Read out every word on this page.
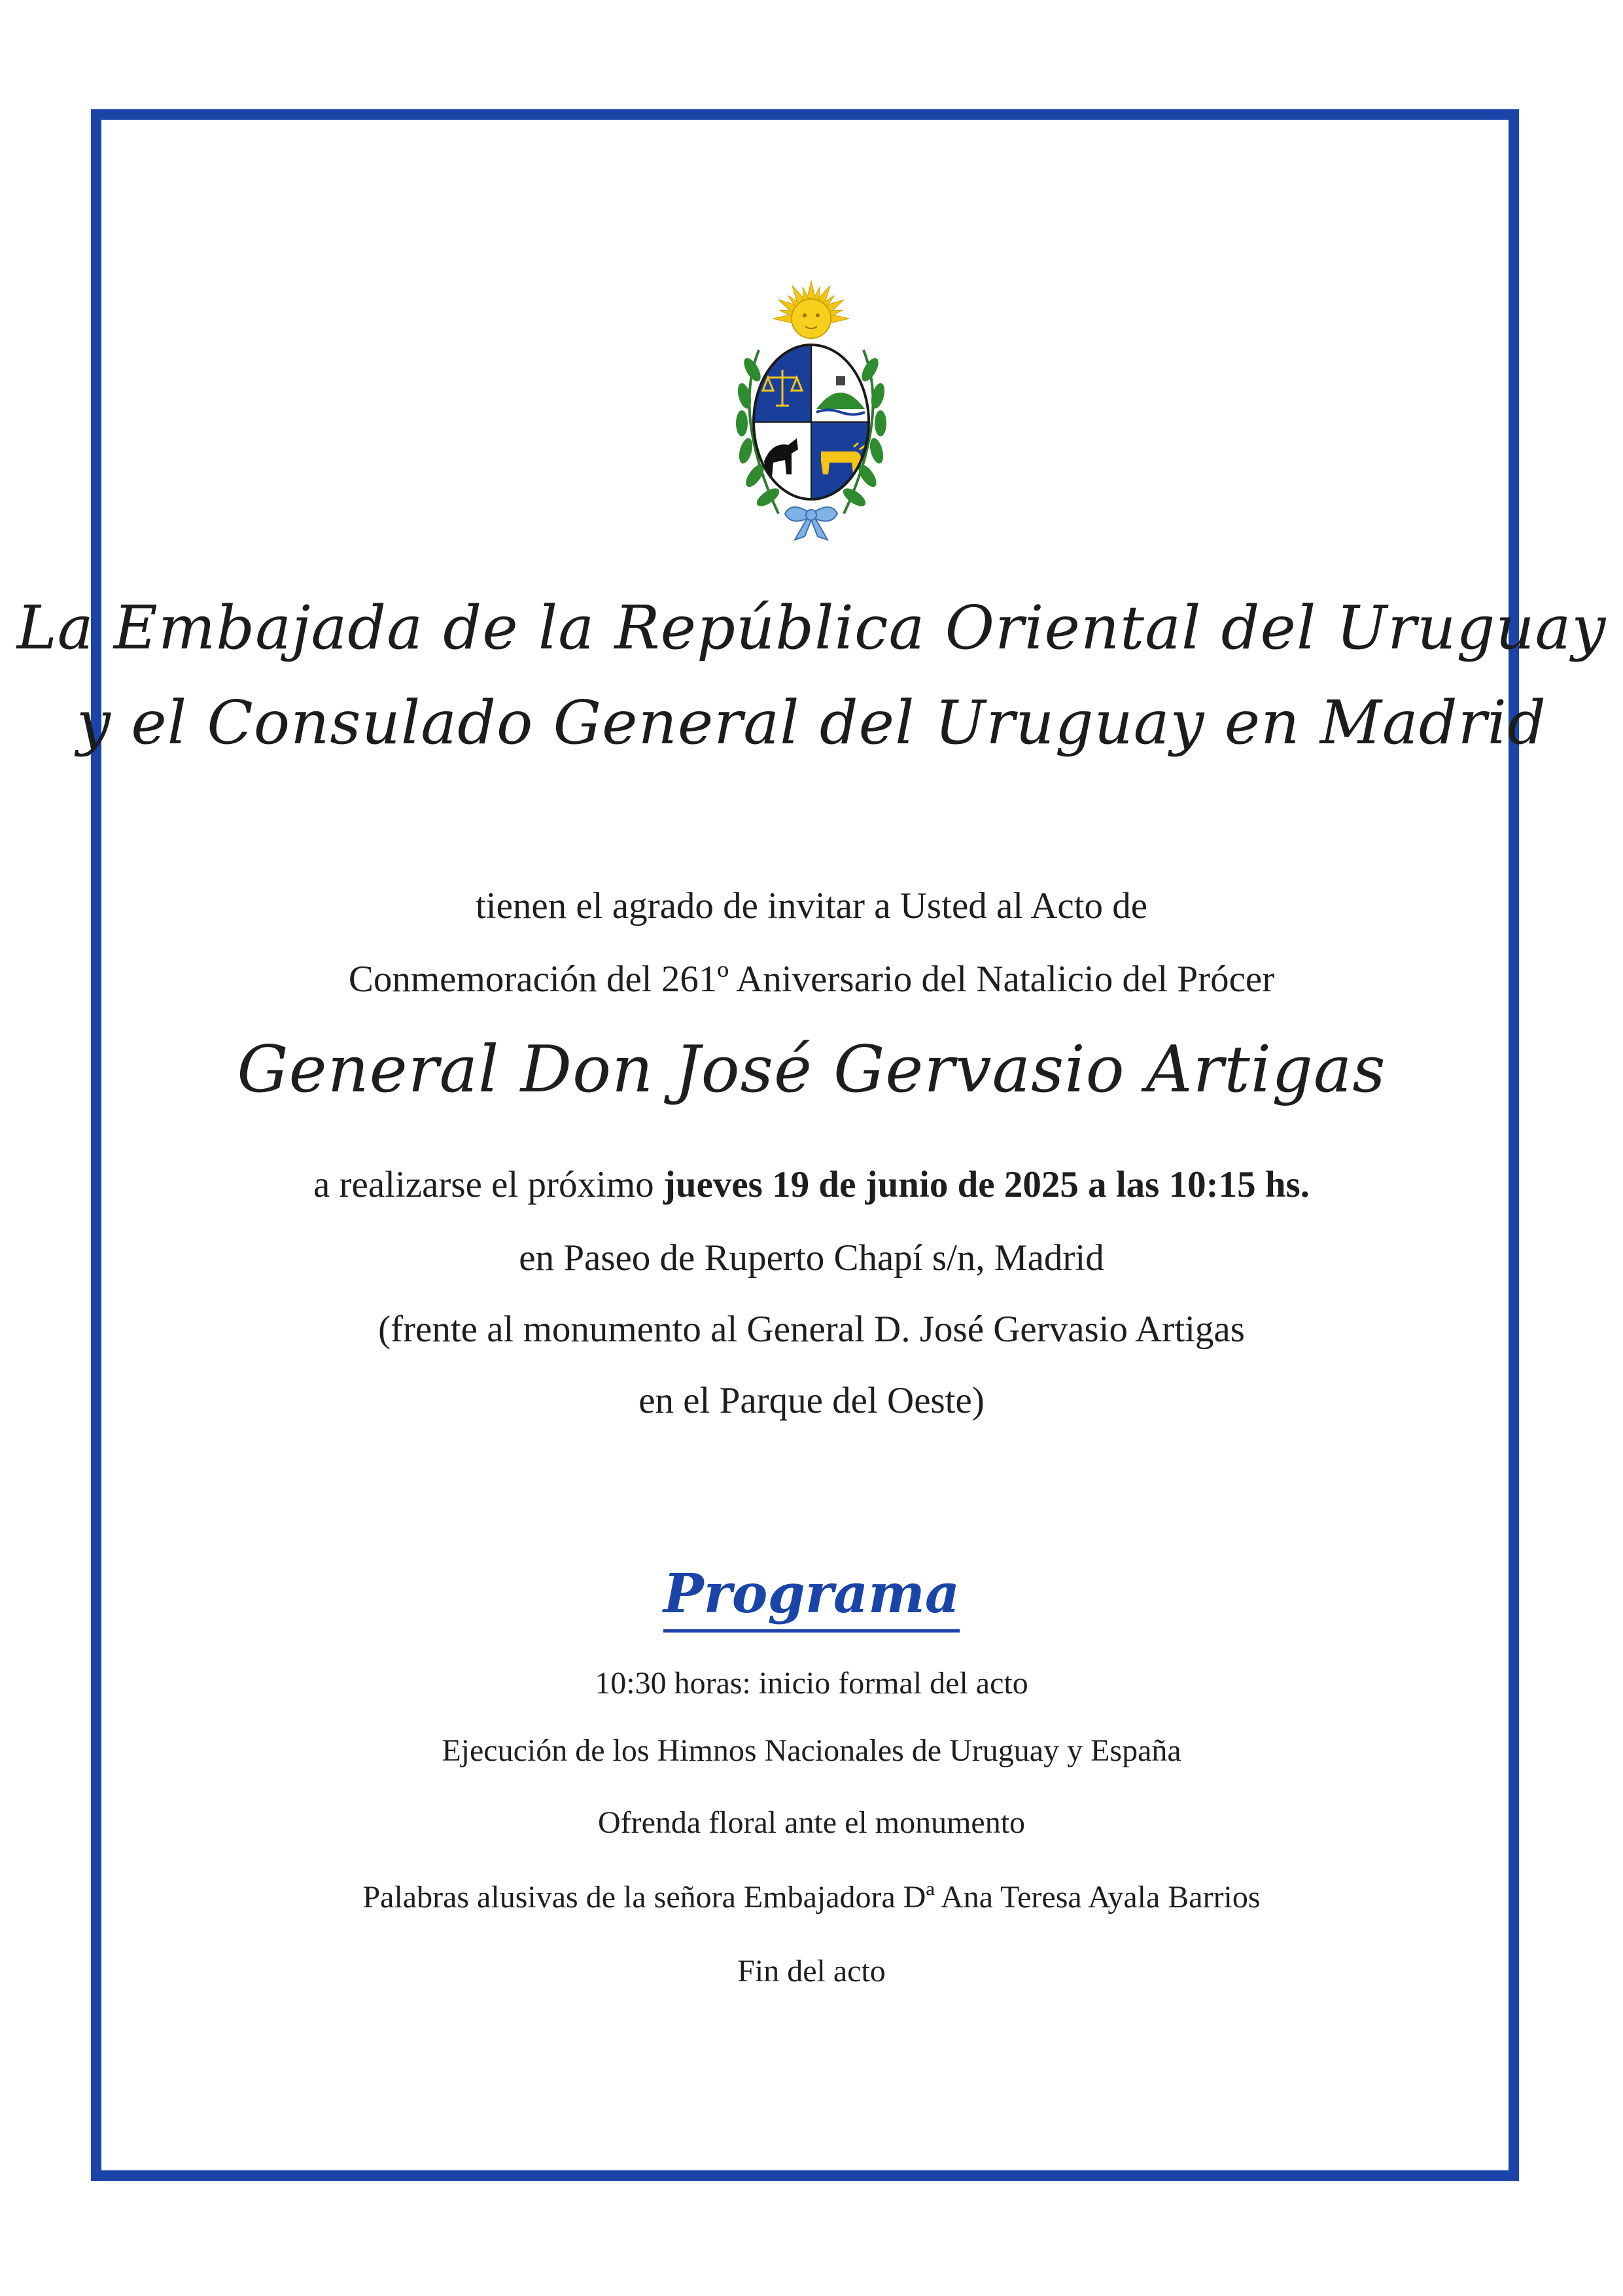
La Embajada de la República Oriental del Uruguay
y el Consulado General del Uruguay en Madrid
tienen el agrado de invitar a Usted al Acto de
Conmemoración del 261º Aniversario del Natalicio del Prócer
General Don José Gervasio Artigas
a realizarse el próximo jueves 19 de junio de 2025 a las 10:15 hs.
en Paseo de Ruperto Chapí s/n, Madrid
(frente al monumento al General D. José Gervasio Artigas
en el Parque del Oeste)
Programa
10:30 horas: inicio formal del acto
Ejecución de los Himnos Nacionales de Uruguay y España
Ofrenda floral ante el monumento
Palabras alusivas de la señora Embajadora Dª Ana Teresa Ayala Barrios
Fin del acto
